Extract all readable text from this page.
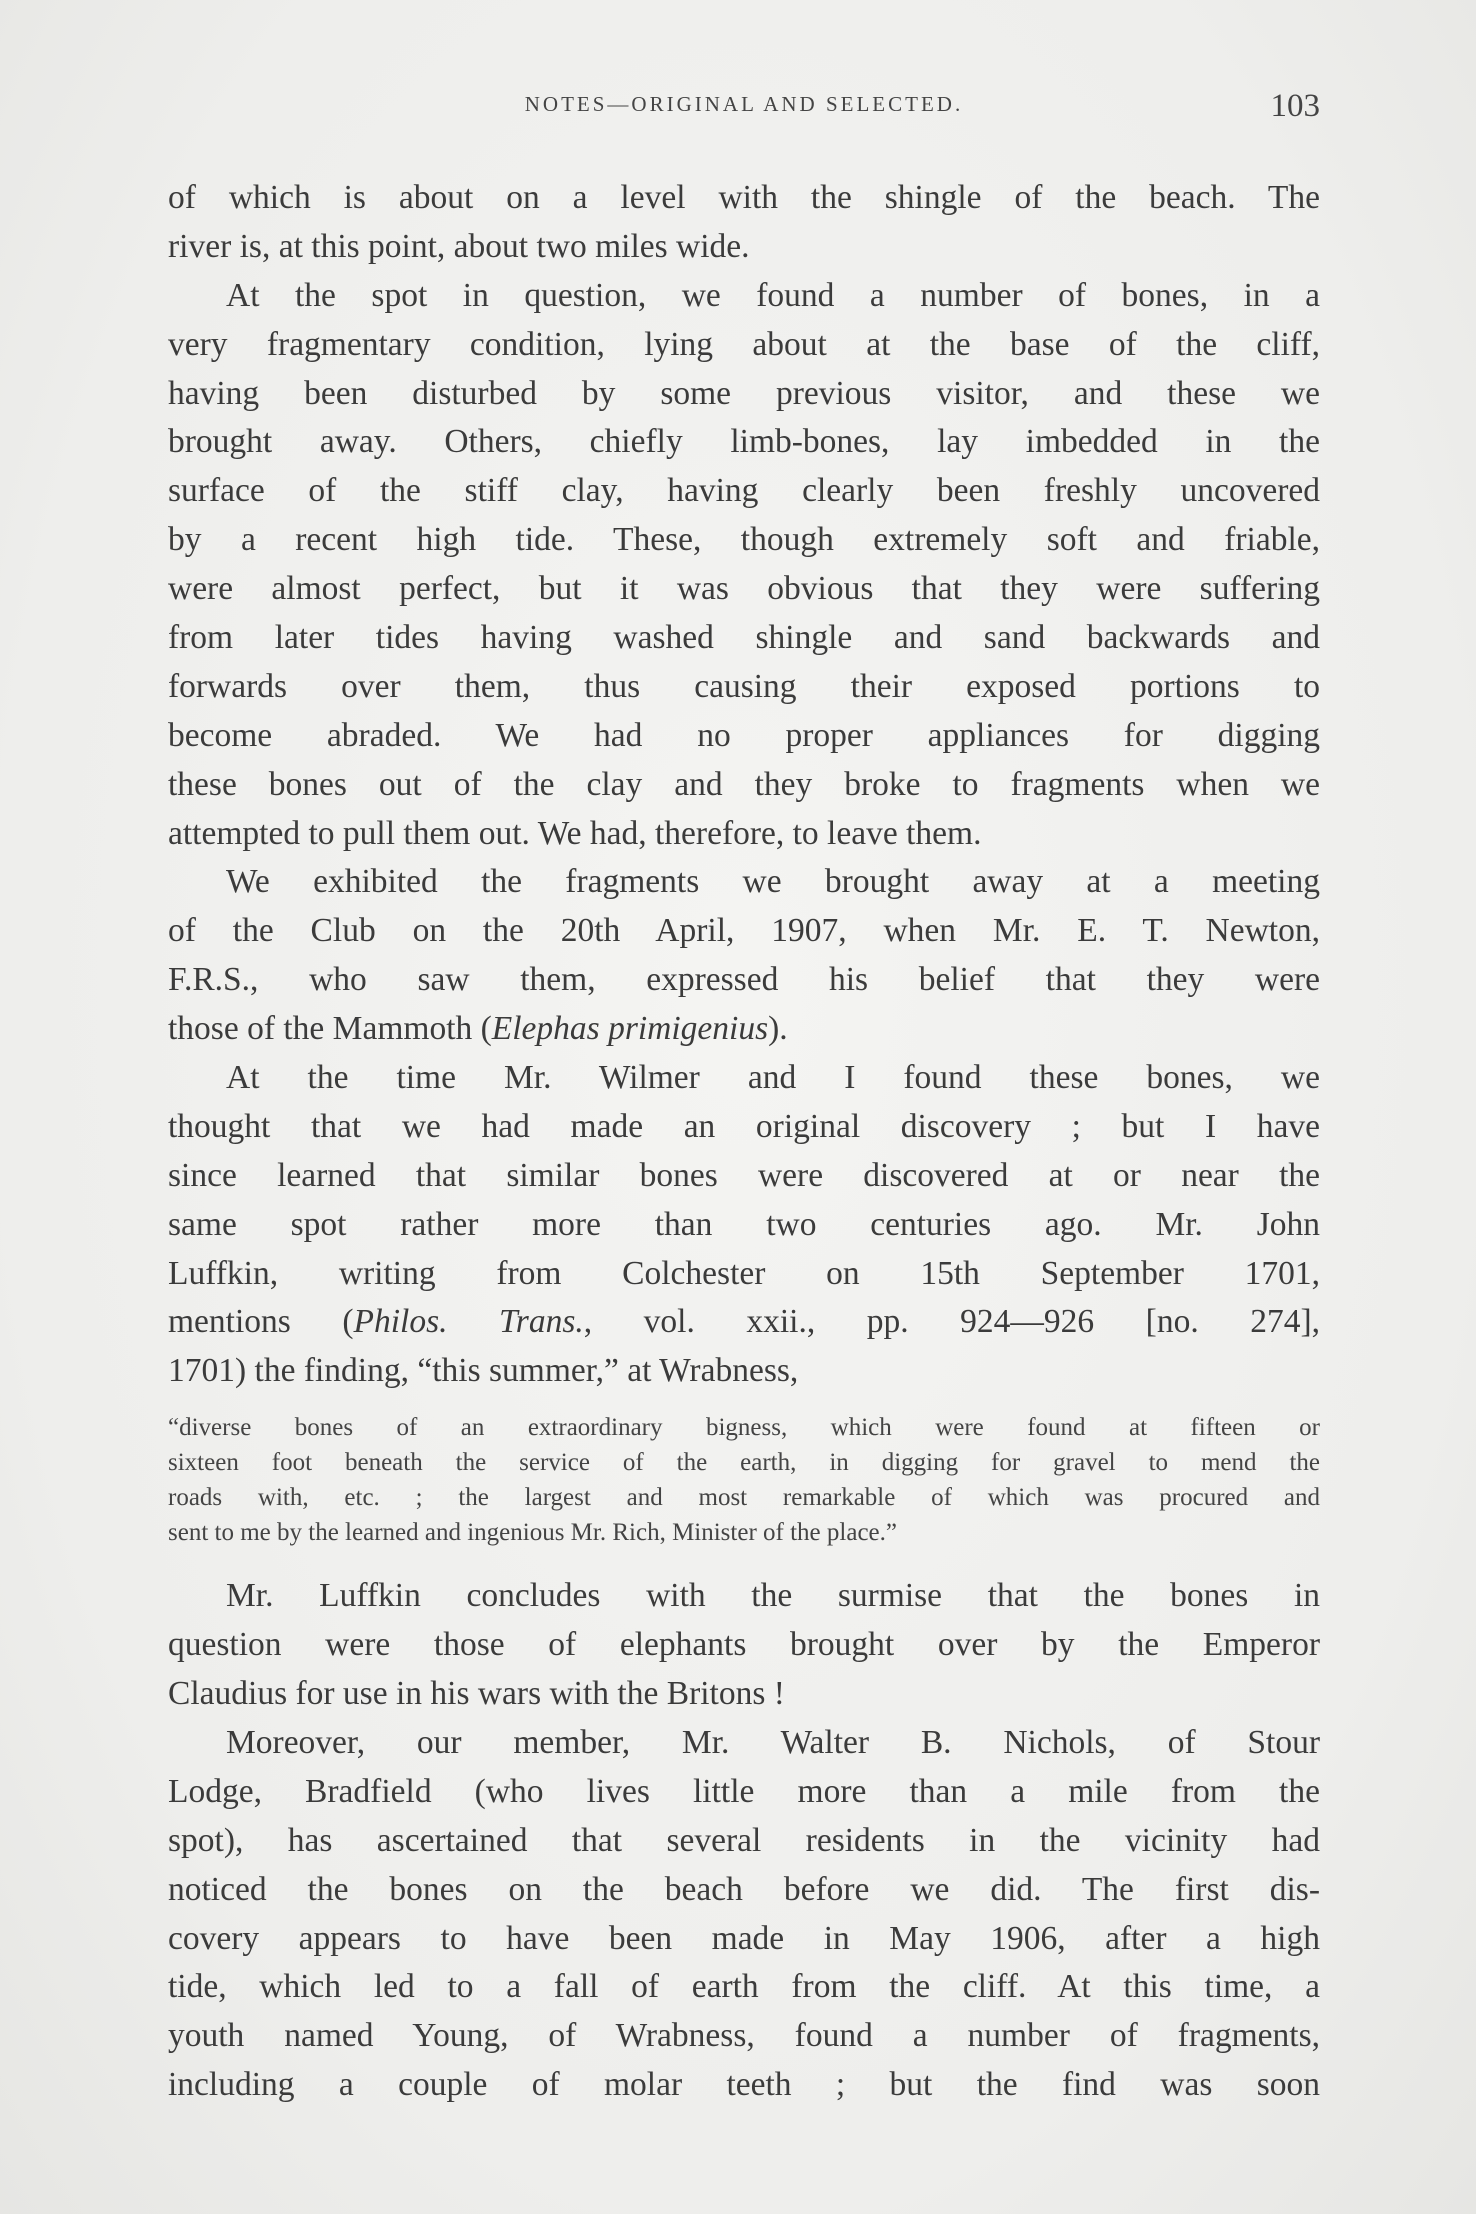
NOTES—ORIGINAL AND SELECTED.	103
of which is about on a level with the shingle of the beach. The
river is, at this point, about two miles wide.
At the spot in question, we found a number of bones, in a
very fragmentary condition, lying about at the base of the cliff,
having been disturbed by some previous visitor, and these we
brought away. Others, chiefly limb-bones, lay imbedded in the
surface of the stiff clay, having clearly been freshly uncovered
by a recent high tide. These, though extremely soft and friable,
were almost perfect, but it was obvious that they were suffering
from later tides having washed shingle and sand backwards and
forwards over them, thus causing their exposed portions to
become abraded. We had no proper appliances for digging
these bones out of the clay and they broke to fragments when we
attempted to pull them out. We had, therefore, to leave them.
We exhibited the fragments we brought away at a meeting
of the Club on the 20th April, 1907, when Mr. E. T. Newton,
F.R.S., who saw them, expressed his belief that they were
those of the Mammoth (Elephas primigenius).
At the time Mr. Wilmer and I found these bones, we
thought that we had made an original discovery ; but I have
since learned that similar bones were discovered at or near the
same spot rather more than two centuries ago. Mr. John
Luffkin, writing from Colchester on 15th September 1701,
mentions (Philos. Trans., vol. xxii., pp. 924—926 [no. 274],
1701) the finding, “this summer,” at Wrabness,
“diverse bones of an extraordinary bigness, which were found at fifteen or
sixteen foot beneath the service of the earth, in digging for gravel to mend the
roads with, etc. ; the largest and most remarkable of which was procured and
sent to me by the learned and ingenious Mr. Rich, Minister of the place.”
Mr. Luffkin concludes with the surmise that the bones in
question were those of elephants brought over by the Emperor
Claudius for use in his wars with the Britons !
Moreover, our member, Mr. Walter B. Nichols, of Stour
Lodge, Bradfield (who lives little more than a mile from the
spot), has ascertained that several residents in the vicinity had
noticed the bones on the beach before we did. The first dis-
covery appears to have been made in May 1906, after a high
tide, which led to a fall of earth from the cliff. At this time, a
youth named Young, of Wrabness, found a number of fragments,
including a couple of molar teeth ; but the find was soon
